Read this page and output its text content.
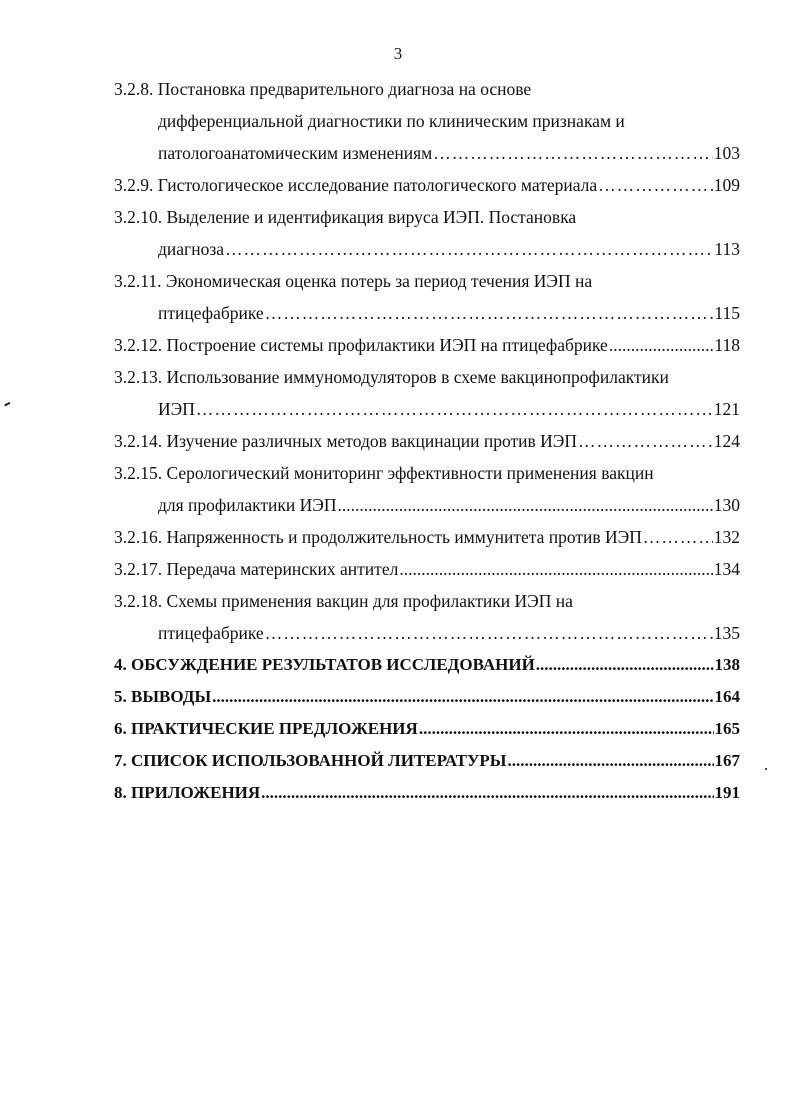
3
3.2.8. Постановка предварительного диагноза на основе
дифференциальной диагностики по клиническим признакам и
патологоанатомическим изменениям ………………………………………………………………………………………………………………………………………………	103
3.2.9. Гистологическое исследование патологического материала ………………………………………………………………………………………………………………………………………………	109
3.2.10. Выделение и идентификация вируса ИЭП. Постановка
диагноза ………………………………………………………………………………………………………………………………………………	113
3.2.11. Экономическая оценка потерь за период течения ИЭП на
птицефабрике ………………………………………………………………………………………………………………………………………………	115
3.2.12. Построение системы профилактики ИЭП на птицефабрике .....	118
3.2.13. Использование иммуномодуляторов в схеме вакцинопрофилактики
ИЭП ………………………………………………………………………………………………………………………………………………	121
3.2.14. Изучение различных методов вакцинации против ИЭП ………………………………………………………………………………………………………………………………………………	124
3.2.15. Серологический мониторинг эффективности применения вакцин
для профилактики ИЭП .....	130
3.2.16. Напряженность и продолжительность иммунитета против ИЭП ………………………………………………………………………………………………………………………………………………	132
3.2.17. Передача материнских антител .....	134
3.2.18. Схемы применения вакцин для профилактики ИЭП на
птицефабрике ………………………………………………………………………………………………………………………………………………	135
4. ОБСУЖДЕНИЕ РЕЗУЛЬТАТОВ ИССЛЕДОВАНИЙ .....	138
5. ВЫВОДЫ .....	164
6. ПРАКТИЧЕСКИЕ ПРЕДЛОЖЕНИЯ .....	165
7. СПИСОК ИСПОЛЬЗОВАННОЙ ЛИТЕРАТУРЫ .....	167
8. ПРИЛОЖЕНИЯ .....	191
